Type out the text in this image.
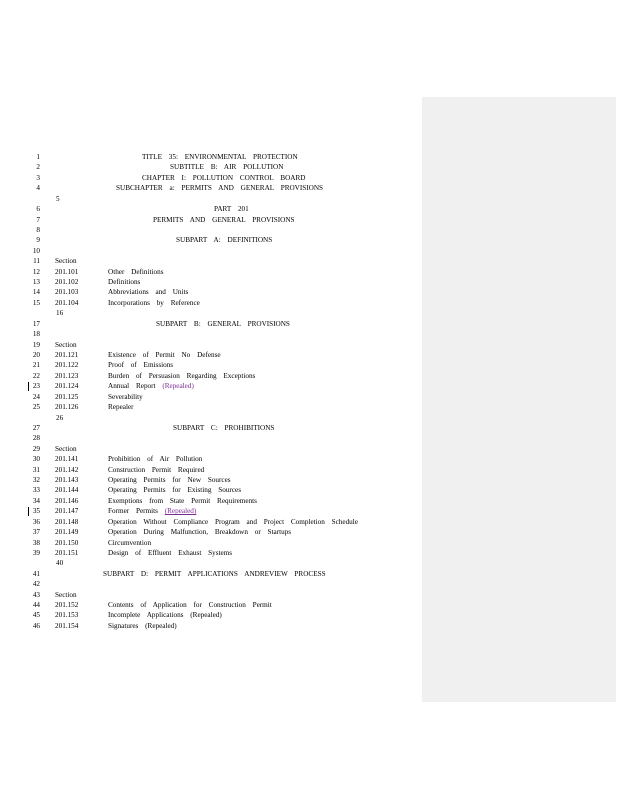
1	TITLE 35: ENVIRONMENTAL PROTECTION
2	SUBTITLE B: AIR POLLUTION
3	CHAPTER I: POLLUTION CONTROL BOARD
4	SUBCHAPTER a: PERMITS AND GENERAL PROVISIONS
5
6	PART 201
7	PERMITS AND GENERAL PROVISIONS
8
9	SUBPART A: DEFINITIONS
10
11 Section
12 201.101	Other Definitions
13 201.102	Definitions
14 201.103	Abbreviations and Units
15 201.104	Incorporations by Reference
16
17	SUBPART B: GENERAL PROVISIONS
18
19 Section
20 201.121	Existence of Permit No Defense
21 201.122	Proof of Emissions
22 201.123	Burden of Persuasion Regarding Exceptions
23 201.124	Annual Report (Repealed)
24 201.125	Severability
25 201.126	Repealer
26
27	SUBPART C: PROHIBITIONS
28
29 Section
30 201.141	Prohibition of Air Pollution
31 201.142	Construction Permit Required
32 201.143	Operating Permits for New Sources
33 201.144	Operating Permits for Existing Sources
34 201.146	Exemptions from State Permit Requirements
35 201.147	Former Permits (Repealed)
36 201.148	Operation Without Compliance Program and Project Completion Schedule
37 201.149	Operation During Malfunction, Breakdown or Startups
38 201.150	Circumvention
39 201.151	Design of Effluent Exhaust Systems
40
41	SUBPART D: PERMIT APPLICATIONS ANDREVIEW PROCESS
42
43 Section
44 201.152	Contents of Application for Construction Permit
45 201.153	Incomplete Applications (Repealed)
46 201.154	Signatures (Repealed)
